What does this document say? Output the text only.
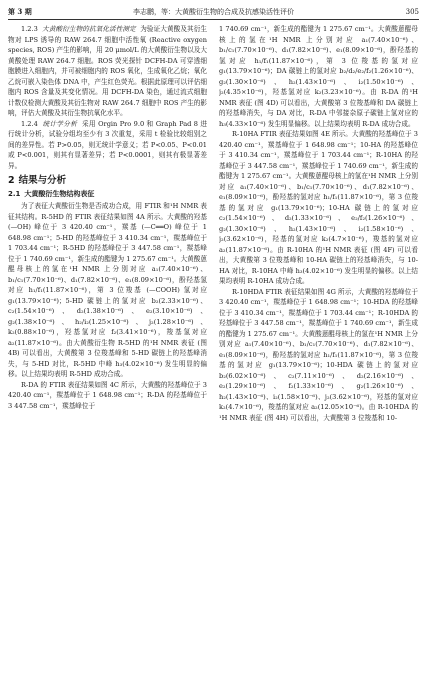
第 3 期	李志鹏，等：大黄酸衍生物的合成及抗感染活性评价	305

1.2.3 大黄酸衍生物的抗氧化活性测定 为验证大黄酸及其衍生物对 LPS 诱导的 RAW 264.7 细胞中活性氧 (Reactive oxygen species, ROS) 产生的影响，用 20 μmol/L 的大黄酸衍生物以及大黄酸处理 RAW 264.7 细胞。ROS 荧光探针 DCFH-DA 可穿透细胞膜进入细胞内，并可被细胞内的 ROS 氧化，生成氧化乙烷；氧化乙烷可嵌入染色体 DNA 中，产生红色荧光。根据此原理可以评估细胞内 ROS 含量及其变化情况。用 DCFH-DA 染色，通过流式细胞计数仪检测大黄酸及其衍生物对 RAW 264.7 细胞中 ROS 产生的影响，评估大黄酸及其衍生物抗氧化水平。

1.2.4 统计学分析 采用 Orgin Pro 9.0 和 Graph Pad 8 进行统计分析，试验分组均至少有 3 次重复，采用 t 检验比较组别之间的差异性。若 P>0.05，则无统计学意义；若 P<0.05、P<0.01 或 P<0.001，则其有显著差异；若 P<0.0001，则其有极显著差异。

2 结果与分析
2.1 大黄酸衍生物结构表征

为了表征大黄酸衍生物是否成功合成，用 FTIR 和¹H NMR 表征其结构。R-5HD 的 FTIR 表征结果如图 4A 所示。大黄酸的羟基 (—OH) 峰位于 3 420.40 cm⁻¹，羰基 (—C══O) 峰位于 1 648.98 cm⁻¹；5-HD 的羟基峰位于 3 410.34 cm⁻¹，羰基峰位于 1 703.44 cm⁻¹；R-5HD 的羟基峰位于 3 447.58 cm⁻¹，羰基峰位于 1 740.69 cm⁻¹，新生成的酯键为 1 275.67 cm⁻¹。大黄酸蒽醌母核上的氢在¹H NMR 上分别对应 a₁(7.40×10⁻⁶)、b₁/c₁(7.70×10⁻⁶)、d₁(7.82×10⁻⁶)、e₁(8.09×10⁻⁶)，酚羟基氢对应 h₁/f₁(11.87×10⁻⁶)，第 3 位羧基 (—COOH) 氢对应 g₁(13.79×10⁻⁶)；5-HD 碳链上的氢对应 b₂(2.33×10⁻⁶)、c₂(1.54×10⁻⁶)、d₂(1.38×10⁻⁶)、e₂(3.10×10⁻⁶)、g₂(1.38×10⁻⁶)、h₂/i₂(1.25×10⁻⁶)、j₂(1.28×10⁻⁶)、k₂(0.88×10⁻⁶)，羟基氢对应 f₂(3.41×10⁻⁶)，羧基氢对应 a₂(11.87×10⁻⁶)。由大黄酸衍生物 R-5HD 的¹H NMR 表征 (图 4B) 可以看出，大黄酸第 3 位羧基峰和 5-HD 碳链上的羟基峰消失，与 5-HD 对比，R-5HD 中峰 h₃(4.02×10⁻⁶) 发生明显的偏移。以上结果均表明 R-5HD 成功合成。

R-DA 的 FTIR 表征结果如图 4C 所示，大黄酸的羟基峰位于 3 420.40 cm⁻¹，羰基峰位于 1 648.98 cm⁻¹；R-DA 的羟基峰位于 3 447.58 cm⁻¹，羰基峰位于

1 740.69 cm⁻¹，新生成的酯键为 1 275.67 cm⁻¹。大黄酸蒽醌母核上的氢在¹H NMR 上分别对应 a₁(7.40×10⁻⁶)、b₁/c₁(7.70×10⁻⁶)、d₁(7.82×10⁻⁶)、e₁(8.09×10⁻⁶)，酚羟基的氢对应 h₁/f₁(11.87×10⁻⁶)，第 3 位羧基的氢对应 g₁(13.79×10⁻⁶)；DA 碳链上的氢对应 b₂/d₂/e₂/f₂(1.26×10⁻⁶)、g₂(1.30×10⁻⁶)、h₂(1.43×10⁻⁶)、i₂(1.50×10⁻⁶)、j₂(4.35×10⁻⁶)，羟基氢对应 k₂(3.23×10⁻⁶)。由 R-DA 的¹H NMR 表征 (图 4D) 可以看出，大黄酸第 3 位羧基峰和 DA 碳链上的羟基峰消失，与 DA 对比，R-DA 中邻接杂原子碳链上氢对应的 h₃(4.33×10⁻⁶) 发生明显偏移。以上结果均表明 R-DA 成功合成。

R-10HA FTIR 表征结果如图 4E 所示。大黄酸的羟基峰位于 3 420.40 cm⁻¹，羰基峰位于 1 648.98 cm⁻¹；10-HA 的羟基峰位于 3 410.34 cm⁻¹，羰基峰位于 1 703.44 cm⁻¹；R-10HA 的羟基峰位于 3 447.58 cm⁻¹，羰基峰位于 1 740.69 cm⁻¹，新生成的酯键为 1 275.67 cm⁻¹。大黄酸蒽醌母核上的氢在¹H NMR 上分别对应 a₁(7.40×10⁻⁶)、b₁/c₁(7.70×10⁻⁶)、d₁(7.82×10⁻⁶)、e₁(8.09×10⁻⁶)，酚羟基的氢对应 h₁/f₁(11.87×10⁻⁶)，第 3 位羧基的氢对应 g₁(13.79×10⁻⁶)；10-HA 碳链上的氢对应 c₂(1.54×10⁻⁶)、d₂(1.33×10⁻⁶)、e₂/f₂(1.26×10⁻⁶)、g₂(1.30×10⁻⁶)、h₂(1.43×10⁻⁶)、i₂(1.58×10⁻⁶)、j₂(3.62×10⁻⁶)，羟基的氢对应 k₂(4.7×10⁻⁶)，羧基的氢对应 a₂(11.87×10⁻⁶)。由 R-10HA 的¹H NMR 表征 (图 4F) 可以看出，大黄酸第 3 位羧基峰和 10-HA 碳链上的羟基峰消失，与 10-HA 对比，R-10HA 中峰 h₃(4.02×10⁻⁶) 发生明显的偏移。以上结果均表明 R-10HA 成功合成。

R-10HDA FTIR 表征结果如图 4G 所示，大黄酸的羟基峰位于 3 420.40 cm⁻¹，羰基峰位于 1 648.98 cm⁻¹；10-HDA 的羟基峰位于 3 410.34 cm⁻¹，羰基峰位于 1 703.44 cm⁻¹；R-10HDA 的羟基峰位于 3 447.58 cm⁻¹，羰基峰位于 1 740.69 cm⁻¹，新生成的酯键为 1 275.67 cm⁻¹。大黄酸蒽醌母核上的氢在¹H NMR 上分别对应 a₁(7.40×10⁻⁶)、b₁/c₁(7.70×10⁻⁶)、d₁(7.82×10⁻⁶)、e₁(8.09×10⁻⁶)，酚羟基的氢对应 h₁/f₁(11.87×10⁻⁶)，第 3 位羧基的氢对应 g₁(13.79×10⁻⁶)；10-HDA 碳链上的氢对应 b₂(6.02×10⁻⁶)、c₂(7.11×10⁻⁶)、d₂(2.16×10⁻⁶)、e₂(1.29×10⁻⁶)、f₂(1.33×10⁻⁶)、g₂(1.26×10⁻⁶)、h₂(1.43×10⁻⁶)、i₂(1.58×10⁻⁶)、j₂(3.62×10⁻⁶)，羟基的氢对应 k₂(4.7×10⁻⁶)，羧基的氢对应 a₂(12.05×10⁻⁶)。由 R-10HDA 的¹H NMR 表征 (图 4H) 可以看出，大黄酸第 3 位羧基和 10-
